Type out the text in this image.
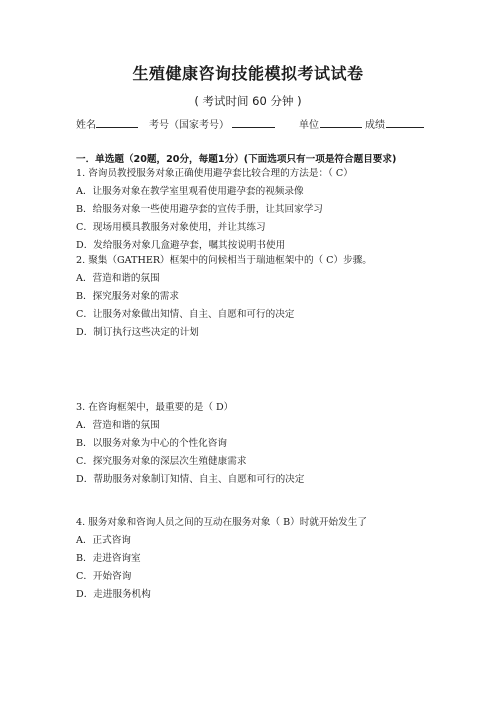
生殖健康咨询技能模拟考试试卷
( 考试时间 60 分钟 )
姓名	考号（国家考号）	单位	成绩
一．单选题（20题，20分，每题1分）(下面选项只有一项是符合题目要求)
1. 咨询员教授服务对象正确使用避孕套比较合理的方法是：（ C）
A．让服务对象在教学室里观看使用避孕套的视频录像
B．给服务对象一些使用避孕套的宣传手册，让其回家学习
C．现场用模具教服务对象使用，并让其练习
D．发给服务对象几盒避孕套，嘱其按说明书使用
2. 聚集（GATHER）框架中的问候相当于瑞迪框架中的（ C）步骤。
A．营造和谐的氛围
B．探究服务对象的需求
C．让服务对象做出知情、自主、自愿和可行的决定
D．制订执行这些决定的计划
3. 在咨询框架中，最重要的是（ D）
A．营造和谐的氛围
B．以服务对象为中心的个性化咨询
C．探究服务对象的深层次生殖健康需求
D．帮助服务对象制订知情、自主、自愿和可行的决定
4. 服务对象和咨询人员之间的互动在服务对象（ B）时就开始发生了
A．正式咨询
B．走进咨询室
C．开始咨询
D．走进服务机构
